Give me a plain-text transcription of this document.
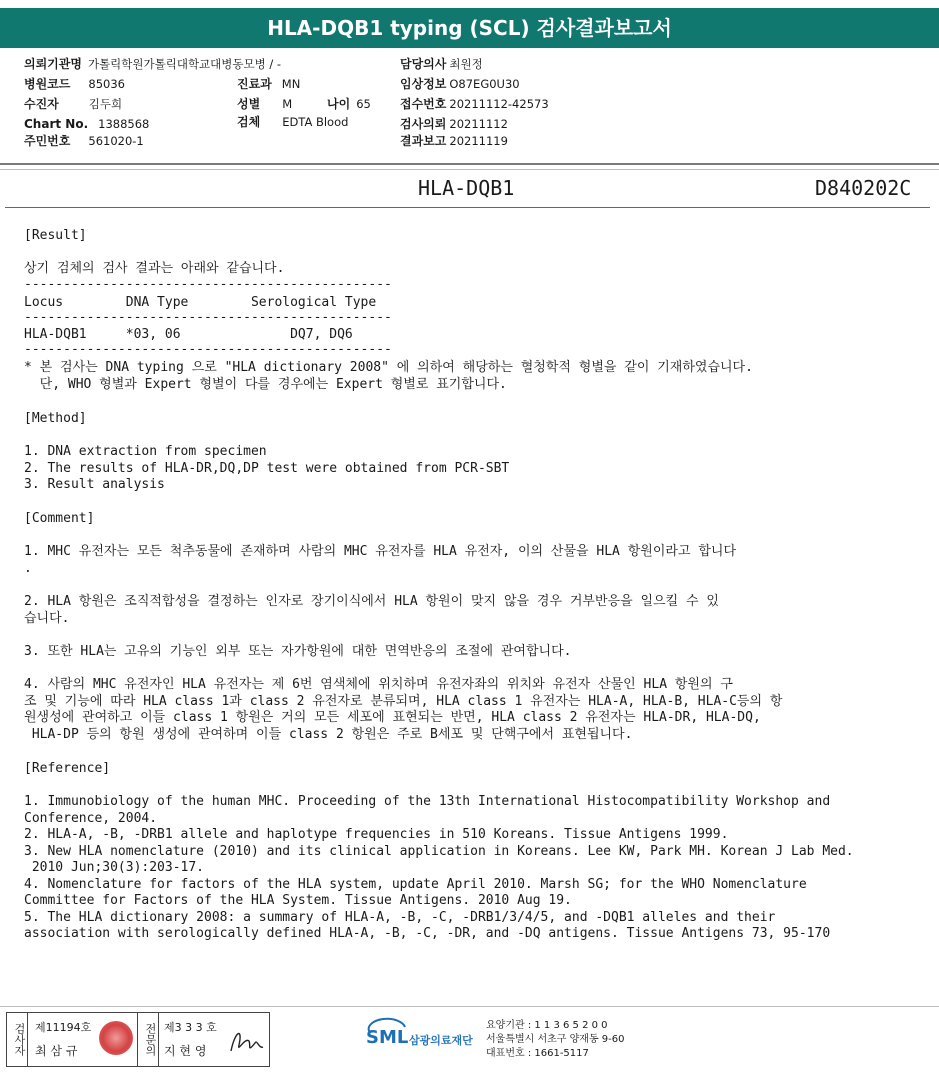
HLA-DQB1 typing (SCL) 검사결과보고서
의뢰기관명 가톨릭학원가톨릭대학교대병동모병 / -
병원코드 85036
수진자	김두희
Chart No. 1388568
주민번호 561020-1
진료과 MN
성별 M	나이 65
검체 EDTA Blood
담당의사 최원정
임상정보 O87EG0U30
접수번호 20211112-42573
검사의뢰 20211112
결과보고 20211119
HLA-DQB1	D840202C
[Result]
상기 검체의 검사 결과는 아래와 같습니다.
-----------------------------------------------
Locus        DNA Type        Serological Type
-----------------------------------------------
HLA-DQB1     *03, 06              DQ7, DQ6
-----------------------------------------------
* 본 검사는 DNA typing 으로 "HLA dictionary 2008" 에 의하여 해당하는 혈청학적 형별을 같이 기재하였습니다.
단, WHO 형별과 Expert 형별이 다를 경우에는 Expert 형별로 표기합니다.
[Method]
1. DNA extraction from specimen
2. The results of HLA-DR,DQ,DP test were obtained from PCR-SBT
3. Result analysis
[Comment]
1. MHC 유전자는 모든 척추동물에 존재하며 사람의 MHC 유전자를 HLA 유전자, 이의 산물을 HLA 항원이라고 합니다
.
2. HLA 항원은 조직적합성을 결정하는 인자로 장기이식에서 HLA 항원이 맞지 않을 경우 거부반응을 일으킬 수 있
습니다.
3. 또한 HLA는 고유의 기능인 외부 또는 자가항원에 대한 면역반응의 조절에 관여합니다.
4. 사람의 MHC 유전자인 HLA 유전자는 제 6번 염색체에 위치하며 유전자좌의 위치와 유전자 산물인 HLA 항원의 구
조 및 기능에 따라 HLA class 1과 class 2 유전자로 분류되며, HLA class 1 유전자는 HLA-A, HLA-B, HLA-C등의 항
원생성에 관여하고 이들 class 1 항원은 거의 모든 세포에 표현되는 반면, HLA class 2 유전자는 HLA-DR, HLA-DQ,
HLA-DP 등의 항원 생성에 관여하며 이들 class 2 항원은 주로 B세포 및 단핵구에서 표현됩니다.
[Reference]
1. Immunobiology of the human MHC. Proceeding of the 13th International Histocompatibility Workshop and
Conference, 2004.
2. HLA-A, -B, -DRB1 allele and haplotype frequencies in 510 Koreans. Tissue Antigens 1999.
3. New HLA nomenclature (2010) and its clinical application in Koreans. Lee KW, Park MH. Korean J Lab Med.
2010 Jun;30(3):203-17.
4. Nomenclature for factors of the HLA system, update April 2010. Marsh SG; for the WHO Nomenclature
Committee for Factors of the HLA System. Tissue Antigens. 2010 Aug 19.
5. The HLA dictionary 2008: a summary of HLA-A, -B, -C, -DRB1/3/4/5, and -DQB1 alleles and their
association with serologically defined HLA-A, -B, -C, -DR, and -DQ antigens. Tissue Antigens 73, 95-170
검사자 제11194호
최 삼 규	전문의 제3 3 3 호
지 현 영
SML 삼광의료재단
요양기관 : 1 1 3 6 5 2 0 0
서울특별시 서초구 양재동 9-60
대표번호 : 1661-5117
